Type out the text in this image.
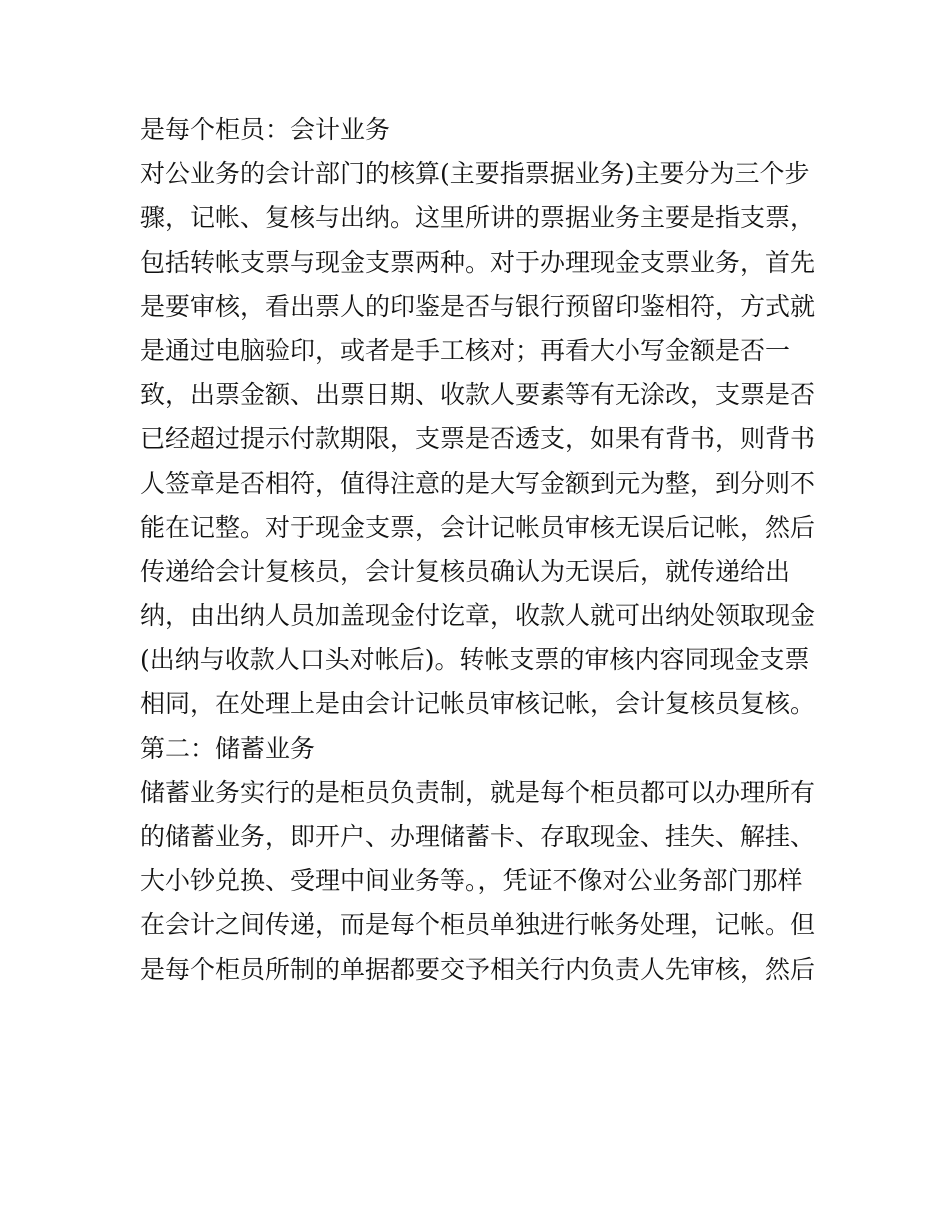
是每个柜员：会计业务
对公业务的会计部门的核算(主要指票据业务)主要分为三个步
骤，记帐、复核与出纳。这里所讲的票据业务主要是指支票，
包括转帐支票与现金支票两种。对于办理现金支票业务，首先
是要审核，看出票人的印鉴是否与银行预留印鉴相符，方式就
是通过电脑验印，或者是手工核对；再看大小写金额是否一
致，出票金额、出票日期、收款人要素等有无涂改，支票是否
已经超过提示付款期限，支票是否透支，如果有背书，则背书
人签章是否相符，值得注意的是大写金额到元为整，到分则不
能在记整。对于现金支票，会计记帐员审核无误后记帐，然后
传递给会计复核员，会计复核员确认为无误后，就传递给出
纳，由出纳人员加盖现金付讫章，收款人就可出纳处领取现金
(出纳与收款人口头对帐后)。转帐支票的审核内容同现金支票
相同，在处理上是由会计记帐员审核记帐，会计复核员复核。
第二：储蓄业务
储蓄业务实行的是柜员负责制，就是每个柜员都可以办理所有
的储蓄业务，即开户、办理储蓄卡、存取现金、挂失、解挂、
大小钞兑换、受理中间业务等。，凭证不像对公业务部门那样
在会计之间传递，而是每个柜员单独进行帐务处理，记帐。但
是每个柜员所制的单据都要交予相关行内负责人先审核，然后
